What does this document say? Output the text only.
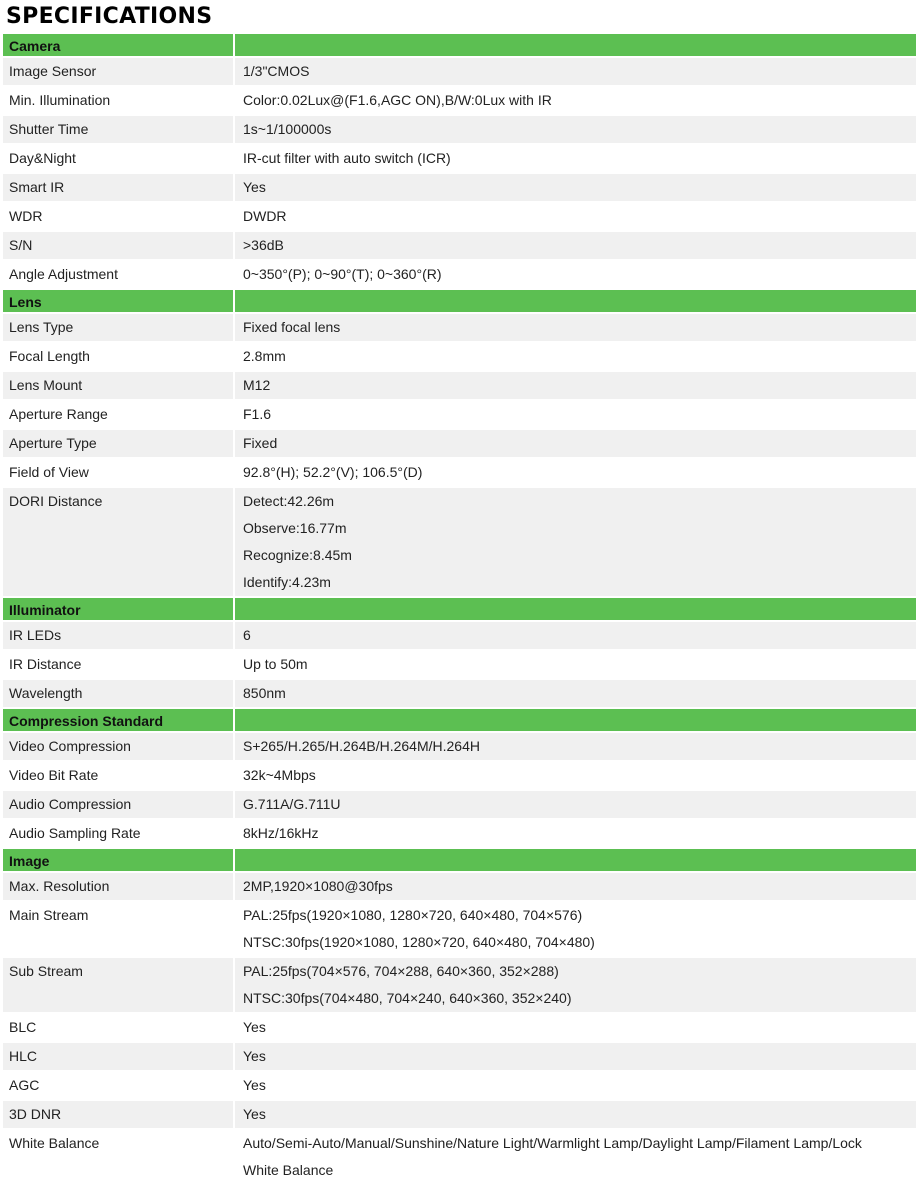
SPECIFICATIONS
Camera
Image Sensor	1/3"CMOS
Min. Illumination	Color:0.02Lux@(F1.6,AGC ON),B/W:0Lux with IR
Shutter Time	1s~1/100000s
Day&Night	IR-cut filter with auto switch (ICR)
Smart IR	Yes
WDR	DWDR
S/N	>36dB
Angle Adjustment	0~350°(P); 0~90°(T); 0~360°(R)
Lens
Lens Type	Fixed focal lens
Focal Length	2.8mm
Lens Mount	M12
Aperture Range	F1.6
Aperture Type	Fixed
Field of View	92.8°(H); 52.2°(V); 106.5°(D)
DORI Distance	Detect:42.26m
Observe:16.77m
Recognize:8.45m
Identify:4.23m
Illuminator
IR LEDs	6
IR Distance	Up to 50m
Wavelength	850nm
Compression Standard
Video Compression	S+265/H.265/H.264B/H.264M/H.264H
Video Bit Rate	32k~4Mbps
Audio Compression	G.711A/G.711U
Audio Sampling Rate	8kHz/16kHz
Image
Max. Resolution	2MP,1920×1080@30fps
Main Stream	PAL:25fps(1920×1080, 1280×720, 640×480, 704×576)
NTSC:30fps(1920×1080, 1280×720, 640×480, 704×480)
Sub Stream	PAL:25fps(704×576, 704×288, 640×360, 352×288)
NTSC:30fps(704×480, 704×240, 640×360, 352×240)
BLC	Yes
HLC	Yes
AGC	Yes
3D DNR	Yes
White Balance	Auto/Semi-Auto/Manual/Sunshine/Nature Light/Warmlight Lamp/Daylight Lamp/Filament Lamp/Lock
White Balance
